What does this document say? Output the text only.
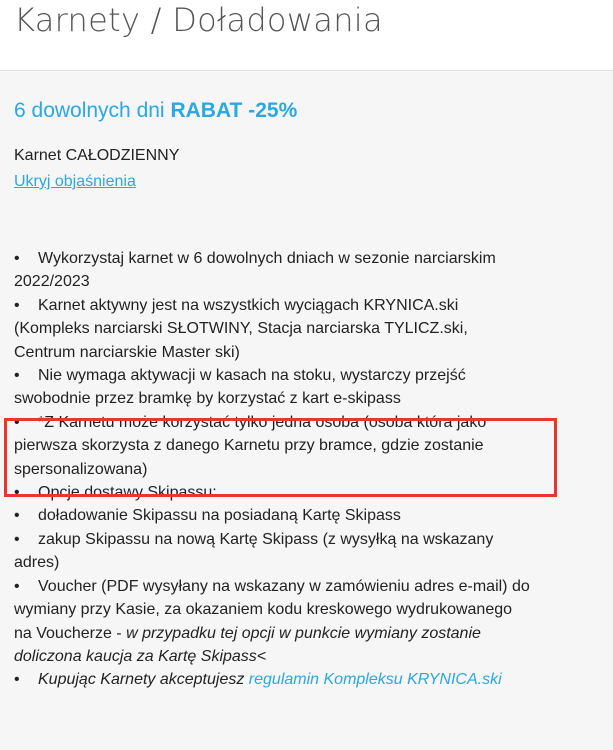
Karnety / Doładowania
6 dowolnych dni RABAT -25%
Karnet CAŁODZIENNY
Ukryj objaśnienia
• Wykorzystaj karnet w 6 dowolnych dniach w sezonie narciarskim
2022/2023
• Karnet aktywny jest na wszystkich wyciągach KRYNICA.ski
(Kompleks narciarski SŁOTWINY, Stacja narciarska TYLICZ.ski,
Centrum narciarskie Master ski)
• Nie wymaga aktywacji w kasach na stoku, wystarczy przejść
swobodnie przez bramkę by korzystać z kart e-skipass
• *Z Karnetu może korzystać tylko jedna osoba (osoba która jako
pierwsza skorzysta z danego Karnetu przy bramce, gdzie zostanie
spersonalizowana)
• Opcje dostawy Skipassu:
• doładowanie Skipassu na posiadaną Kartę Skipass
• zakup Skipassu na nową Kartę Skipass (z wysyłką na wskazany
adres)
• Voucher (PDF wysyłany na wskazany w zamówieniu adres e-mail) do
wymiany przy Kasie, za okazaniem kodu kreskowego wydrukowanego
na Voucherze - w przypadku tej opcji w punkcie wymiany zostanie
doliczona kaucja za Kartę Skipass<
• Kupując Karnety akceptujesz regulamin Kompleksu KRYNICA.ski
